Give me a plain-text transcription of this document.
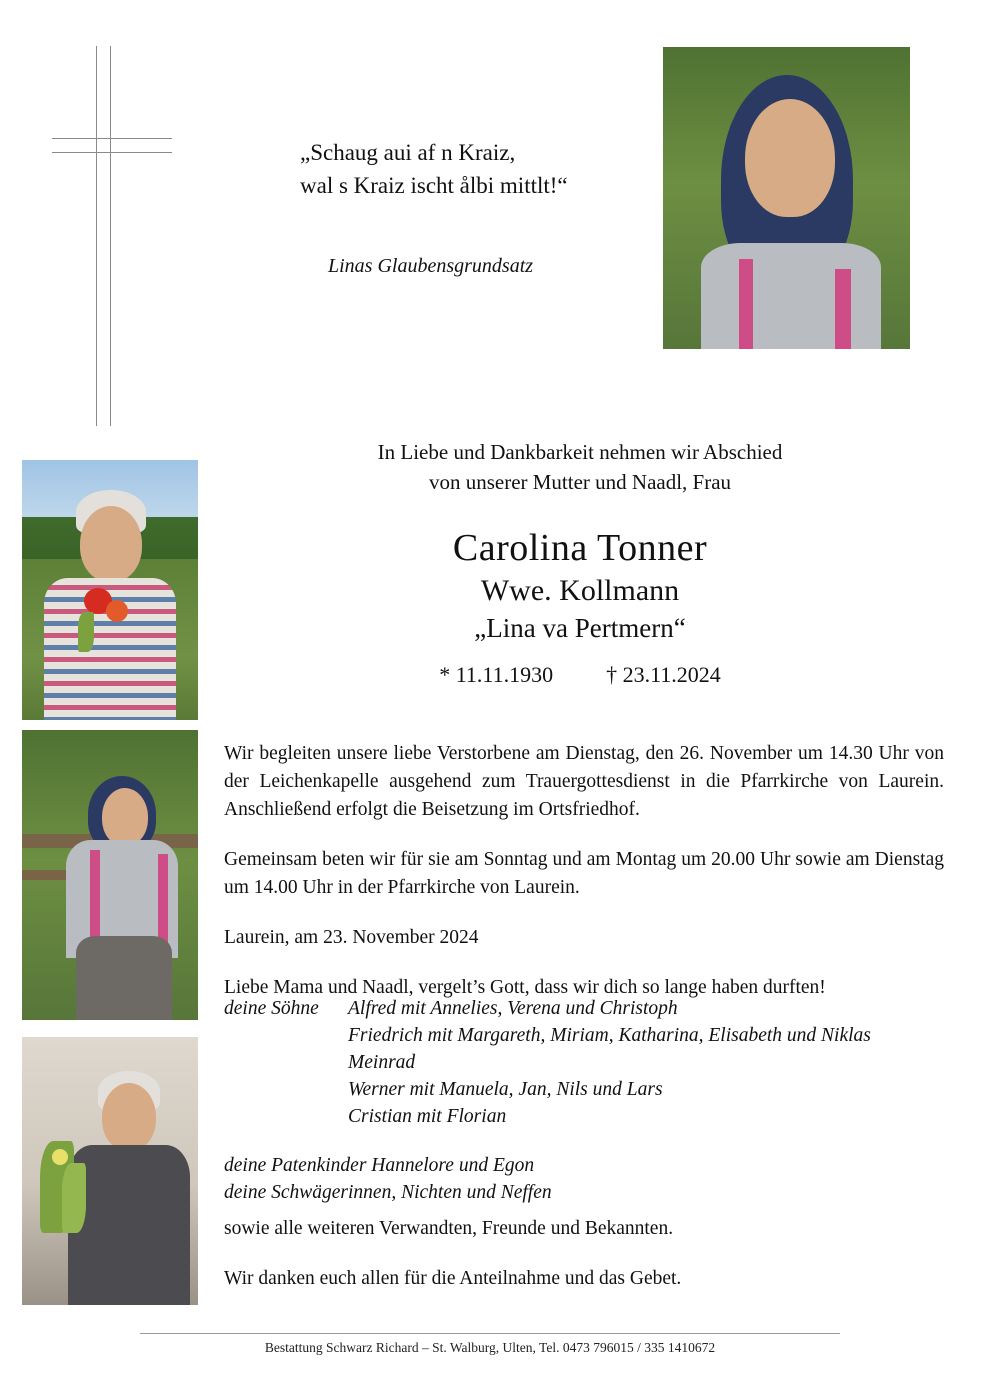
„Schaug aui af n Kraiz,
wal s Kraiz ischt ålbi mittlt!“
Linas Glaubensgrundsatz
In Liebe und Dankbarkeit nehmen wir Abschied
von unserer Mutter und Naadl, Frau
Carolina Tonner
Wwe. Kollmann
„Lina va Pertmern“
* 11.11.1930 † 23.11.2024

Wir begleiten unsere liebe Verstorbene am Dienstag, den 26. November um 14.30 Uhr von der Leichenkapelle ausgehend zum Trauergottesdienst in die Pfarrkirche von Laurein. Anschließend erfolgt die Beisetzung im Ortsfriedhof.

Gemeinsam beten wir für sie am Sonntag und am Montag um 20.00 Uhr sowie am Dienstag um 14.00 Uhr in der Pfarrkirche von Laurein.

Laurein, am 23. November 2024

Liebe Mama und Naadl, vergelt’s Gott, dass wir dich so lange haben durften!

deine Söhne	Alfred mit Annelies, Verena und Christoph
Friedrich mit Margareth, Miriam, Katharina, Elisabeth und Niklas
Meinrad
Werner mit Manuela, Jan, Nils und Lars
Cristian mit Florian
deine Patenkinder Hannelore und Egon
deine Schwägerinnen, Nichten und Neffen

sowie alle weiteren Verwandten, Freunde und Bekannten.

Wir danken euch allen für die Anteilnahme und das Gebet.

Bestattung Schwarz Richard – St. Walburg, Ulten, Tel. 0473 796015 / 335 1410672
